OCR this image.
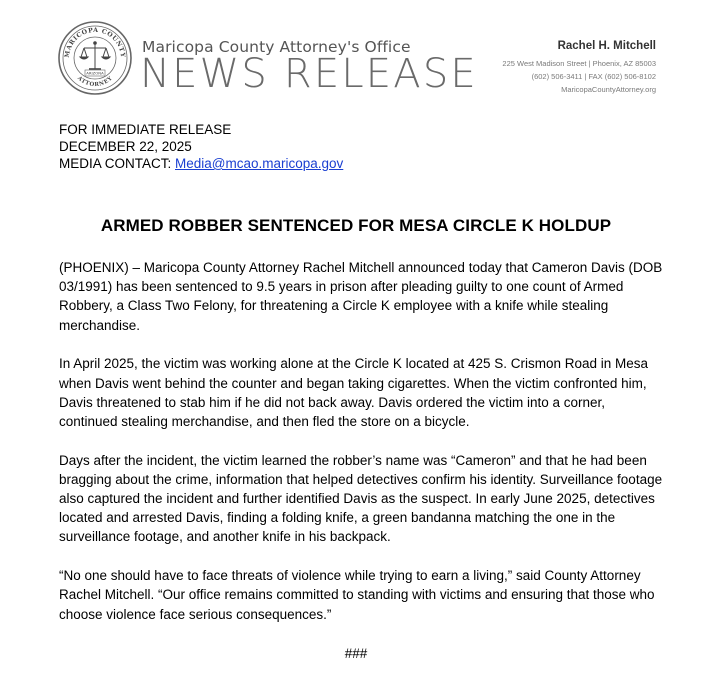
MARICOPA COUNTY
ATTORNEY
ARIZONA
Maricopa County Attorney's Office
NEWS RELEASE
Rachel H. Mitchell
225 West Madison Street | Phoenix, AZ 85003
(602) 506-3411 | FAX (602) 506-8102
MaricopaCountyAttorney.org
FOR IMMEDIATE RELEASE
DECEMBER 22, 2025
MEDIA CONTACT: Media@mcao.maricopa.gov
ARMED ROBBER SENTENCED FOR MESA CIRCLE K HOLDUP

(PHOENIX) – Maricopa County Attorney Rachel Mitchell announced today that Cameron Davis (DOB 03/1991) has been sentenced to 9.5 years in prison after pleading guilty to one count of Armed Robbery, a Class Two Felony, for threatening a Circle K employee with a knife while stealing merchandise.

In April 2025, the victim was working alone at the Circle K located at 425 S. Crismon Road in Mesa when Davis went behind the counter and began taking cigarettes. When the victim confronted him, Davis threatened to stab him if he did not back away. Davis ordered the victim into a corner, continued stealing merchandise, and then fled the store on a bicycle.

Days after the incident, the victim learned the robber’s name was “Cameron” and that he had been bragging about the crime, information that helped detectives confirm his identity. Surveillance footage also captured the incident and further identified Davis as the suspect. In early June 2025, detectives located and arrested Davis, finding a folding knife, a green bandanna matching the one in the surveillance footage, and another knife in his backpack.

“No one should have to face threats of violence while trying to earn a living,” said County Attorney Rachel Mitchell. “Our office remains committed to standing with victims and ensuring that those who choose violence face serious consequences.”

###
